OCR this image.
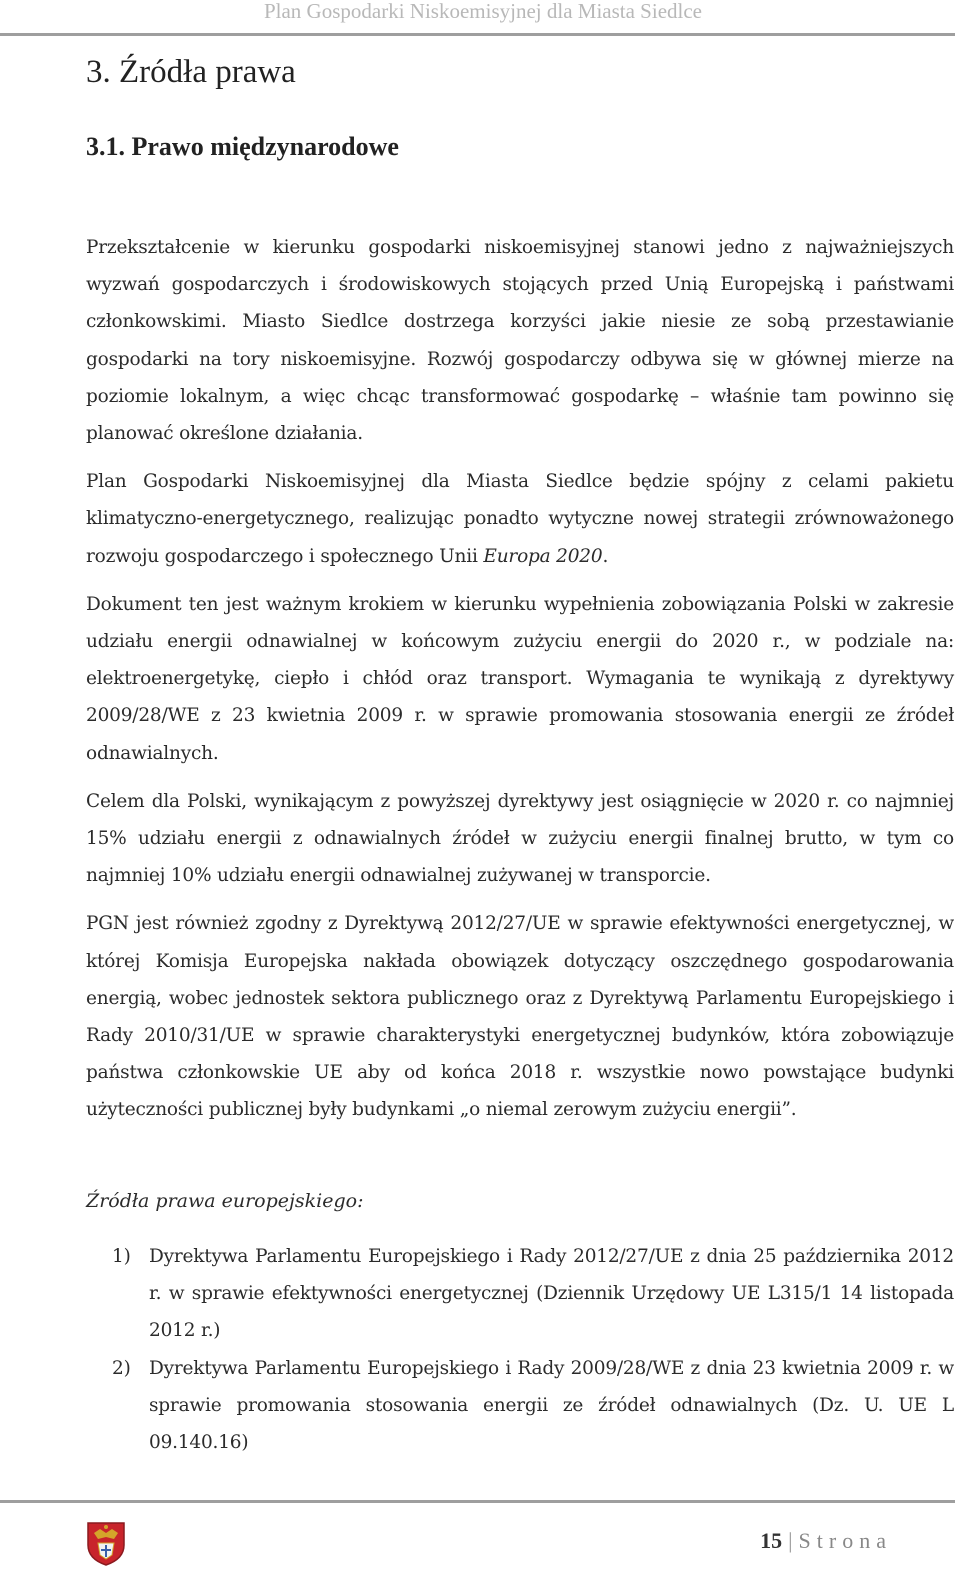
Plan Gospodarki Niskoemisyjnej dla Miasta Siedlce
3. Źródła prawa
3.1. Prawo międzynarodowe

Przekształcenie w kierunku gospodarki niskoemisyjnej stanowi jedno z najważniejszych wyzwań gospodarczych i środowiskowych stojących przed Unią Europejską i państwami członkowskimi. Miasto Siedlce dostrzega korzyści jakie niesie ze sobą przestawianie gospodarki na tory niskoemisyjne. Rozwój gospodarczy odbywa się w głównej mierze na poziomie lokalnym, a więc chcąc transformować gospodarkę – właśnie tam powinno się planować określone działania.

Plan Gospodarki Niskoemisyjnej dla Miasta Siedlce będzie spójny z celami pakietu klimatyczno-energetycznego, realizując ponadto wytyczne nowej strategii zrównoważonego rozwoju gospodarczego i społecznego Unii Europa 2020.

Dokument ten jest ważnym krokiem w kierunku wypełnienia zobowiązania Polski w zakresie udziału energii odnawialnej w końcowym zużyciu energii do 2020 r., w podziale na: elektroenergetykę, ciepło i chłód oraz transport. Wymagania te wynikają z dyrektywy 2009/28/WE z 23 kwietnia 2009 r. w sprawie promowania stosowania energii ze źródeł odnawialnych.

Celem dla Polski, wynikającym z powyższej dyrektywy jest osiągnięcie w 2020 r. co najmniej 15% udziału energii z odnawialnych źródeł w zużyciu energii finalnej brutto, w tym co najmniej 10% udziału energii odnawialnej zużywanej w transporcie.

PGN jest również zgodny z Dyrektywą 2012/27/UE w sprawie efektywności energetycznej, w której Komisja Europejska nakłada obowiązek dotyczący oszczędnego gospodarowania energią, wobec jednostek sektora publicznego oraz z Dyrektywą Parlamentu Europejskiego i Rady 2010/31/UE w sprawie charakterystyki energetycznej budynków, która zobowiązuje państwa członkowskie UE aby od końca 2018 r. wszystkie nowo powstające budynki użyteczności publicznej były budynkami „o niemal zerowym zużyciu energii”.

Źródła prawa europejskiego:
1) Dyrektywa Parlamentu Europejskiego i Rady 2012/27/UE z dnia 25 października 2012 r. w sprawie efektywności energetycznej (Dziennik Urzędowy UE L315/1 14 listopada 2012 r.)
2) Dyrektywa Parlamentu Europejskiego i Rady 2009/28/WE z dnia 23 kwietnia 2009 r. w sprawie promowania stosowania energii ze źródeł odnawialnych (Dz. U. UE L 09.140.16)
15 | Strona
